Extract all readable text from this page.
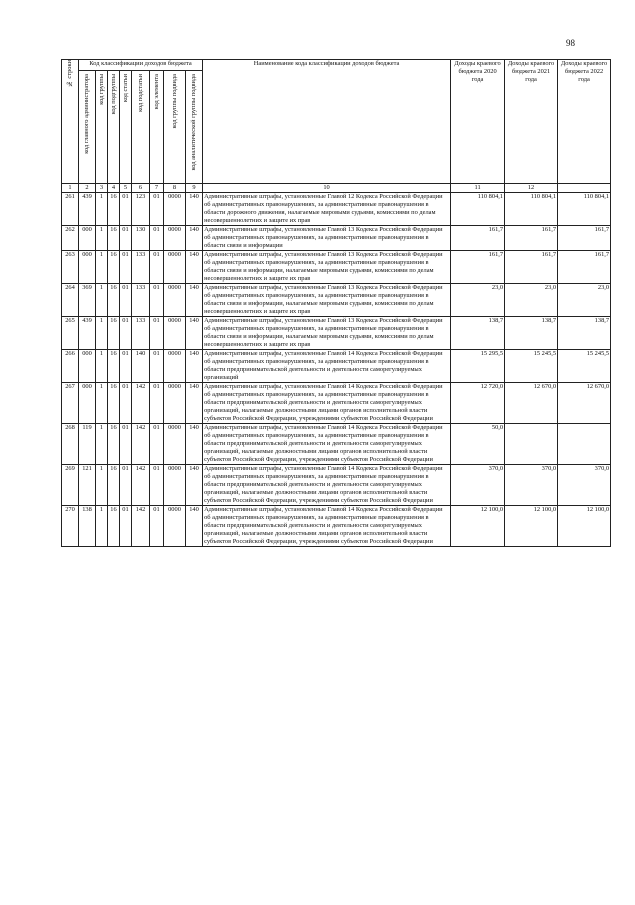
98
№ строки	Код классификации доходов бюджета								Наименование кода классификации доходов бюджета	Доходы краевого бюджета 2020 года	Доходы краевого бюджета 2021 года	Доходы краевого бюджета 2022 года

	код главного администратора	код группы	код подгруппы	код статьи	код подстатьи	код элемента	код группы подвида	код аналитической группы подвида				

1	2	3	4	5	6	7	8	9	10	11	12	
261	439	1	16	01	123	01	0000	140	Административные штрафы, установленные Главой 12 Кодекса Российской Федерации об административных правонарушениях, за административные правонарушения в области дорожного движения, налагаемые мировыми судьями, комиссиями по делам несовершеннолетних и защите их прав	110 804,1	110 804,1	110 804,1
262	000	1	16	01	130	01	0000	140	Административные штрафы, установленные Главой 13 Кодекса Российской Федерации об административных правонарушениях, за административные правонарушения в области связи и информации	161,7	161,7	161,7
263	000	1	16	01	133	01	0000	140	Административные штрафы, установленные Главой 13 Кодекса Российской Федерации об административных правонарушениях, за административные правонарушения в области связи и информации, налагаемые мировыми судьями, комиссиями по делам несовершеннолетних и защите их прав	161,7	161,7	161,7
264	369	1	16	01	133	01	0000	140	Административные штрафы, установленные Главой 13 Кодекса Российской Федерации об административных правонарушениях, за административные правонарушения в области связи и информации, налагаемые мировыми судьями, комиссиями по делам несовершеннолетних и защите их прав	23,0	23,0	23,0
265	439	1	16	01	133	01	0000	140	Административные штрафы, установленные Главой 13 Кодекса Российской Федерации об административных правонарушениях, за административные правонарушения в области связи и информации, налагаемые мировыми судьями, комиссиями по делам несовершеннолетних и защите их прав	138,7	138,7	138,7
266	000	1	16	01	140	01	0000	140	Административные штрафы, установленные Главой 14 Кодекса Российской Федерации об административных правонарушениях, за административные правонарушения в области предпринимательской деятельности и деятельности саморегулируемых организаций	15 295,5	15 245,5	15 245,5
267	000	1	16	01	142	01	0000	140	Административные штрафы, установленные Главой 14 Кодекса Российской Федерации об административных правонарушениях, за административные правонарушения в области предпринимательской деятельности и деятельности саморегулируемых организаций, налагаемые должностными лицами органов исполнительной власти субъектов Российской Федерации, учреждениями субъектов Российской Федерации	12 720,0	12 670,0	12 670,0
268	119	1	16	01	142	01	0000	140	Административные штрафы, установленные Главой 14 Кодекса Российской Федерации об административных правонарушениях, за административные правонарушения в области предпринимательской деятельности и деятельности саморегулируемых организаций, налагаемые должностными лицами органов исполнительной власти субъектов Российской Федерации, учреждениями субъектов Российской Федерации	50,0		
269	121	1	16	01	142	01	0000	140	Административные штрафы, установленные Главой 14 Кодекса Российской Федерации об административных правонарушениях, за административные правонарушения в области предпринимательской деятельности и деятельности саморегулируемых организаций, налагаемые должностными лицами органов исполнительной власти субъектов Российской Федерации, учреждениями субъектов Российской Федерации	370,0	370,0	370,0
270	138	1	16	01	142	01	0000	140	Административные штрафы, установленные Главой 14 Кодекса Российской Федерации об административных правонарушениях, за административные правонарушения в области предпринимательской деятельности и деятельности саморегулируемых организаций, налагаемые должностными лицами органов исполнительной власти субъектов Российской Федерации, учреждениями субъектов Российской Федерации	12 100,0	12 100,0	12 100,0
